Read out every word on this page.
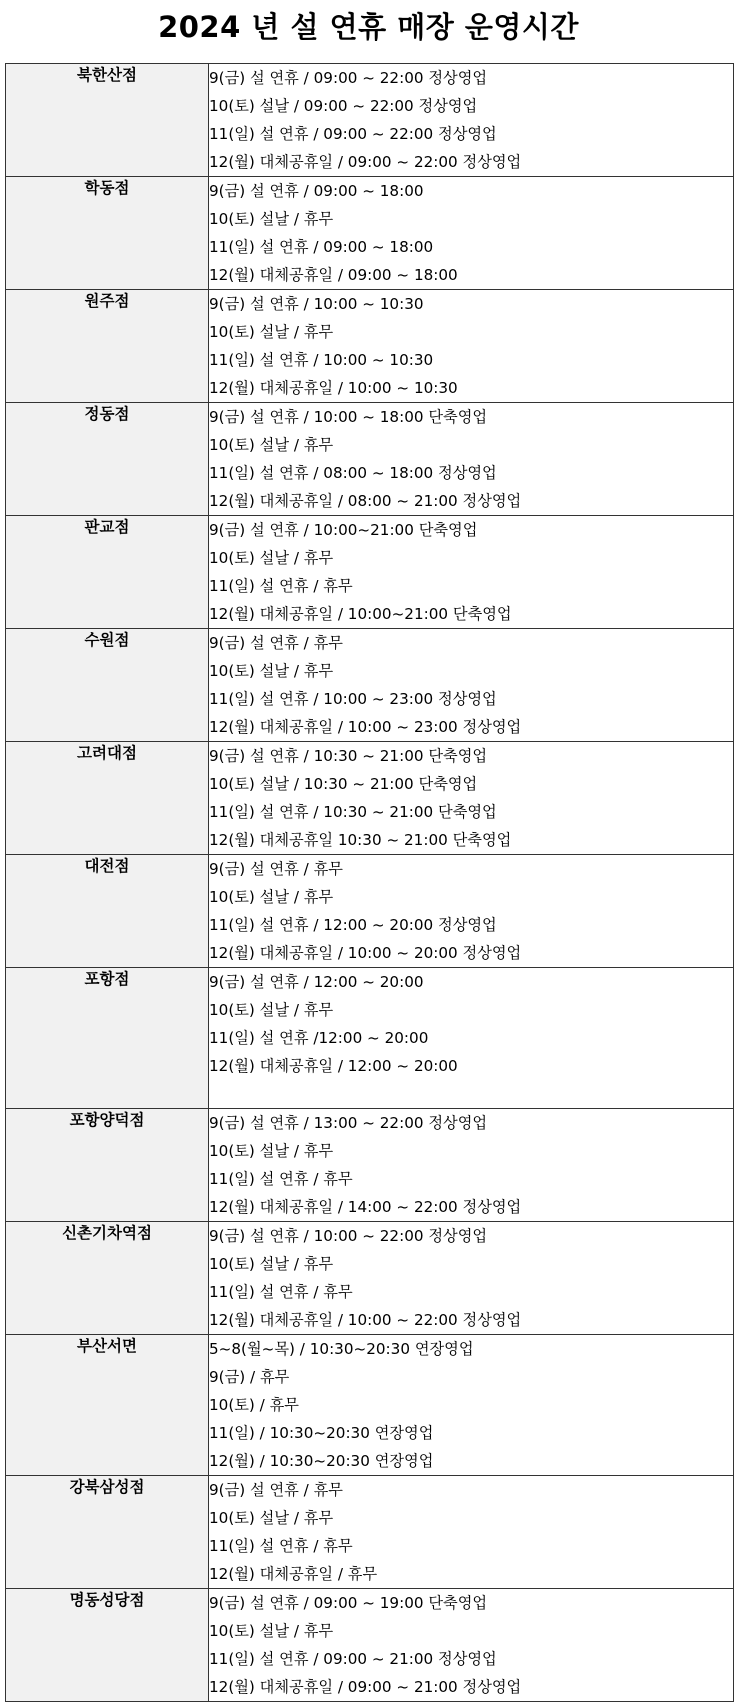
2024 년 설 연휴 매장 운영시간
북한산점	9(금) 설 연휴 / 09:00 ~ 22:00 정상영업
10(토) 설날 / 09:00 ~ 22:00 정상영업
11(일) 설 연휴 / 09:00 ~ 22:00 정상영업
12(월) 대체공휴일 / 09:00 ~ 22:00 정상영업

학동점	9(금) 설 연휴 / 09:00 ~ 18:00
10(토) 설날 / 휴무
11(일) 설 연휴 / 09:00 ~ 18:00
12(월) 대체공휴일 / 09:00 ~ 18:00

원주점	9(금) 설 연휴 / 10:00 ~ 10:30
10(토) 설날 / 휴무
11(일) 설 연휴 / 10:00 ~ 10:30
12(월) 대체공휴일 / 10:00 ~ 10:30

정동점	9(금) 설 연휴 / 10:00 ~ 18:00 단축영업
10(토) 설날 / 휴무
11(일) 설 연휴 / 08:00 ~ 18:00 정상영업
12(월) 대체공휴일 / 08:00 ~ 21:00 정상영업

판교점	9(금) 설 연휴 / 10:00~21:00 단축영업
10(토) 설날 / 휴무
11(일) 설 연휴 / 휴무
12(월) 대체공휴일 / 10:00~21:00 단축영업

수원점	9(금) 설 연휴 / 휴무
10(토) 설날 / 휴무
11(일) 설 연휴 / 10:00 ~ 23:00 정상영업
12(월) 대체공휴일 / 10:00 ~ 23:00 정상영업

고려대점	9(금) 설 연휴 / 10:30 ~ 21:00 단축영업
10(토) 설날 / 10:30 ~ 21:00 단축영업
11(일) 설 연휴 / 10:30 ~ 21:00 단축영업
12(월) 대체공휴일 10:30 ~ 21:00 단축영업

대전점	9(금) 설 연휴 / 휴무
10(토) 설날 / 휴무
11(일) 설 연휴 / 12:00 ~ 20:00 정상영업
12(월) 대체공휴일 / 10:00 ~ 20:00 정상영업

포항점	9(금) 설 연휴 / 12:00 ~ 20:00
10(토) 설날 / 휴무
11(일) 설 연휴 /12:00 ~ 20:00
12(월) 대체공휴일 / 12:00 ~ 20:00

포항양덕점	9(금) 설 연휴 / 13:00 ~ 22:00 정상영업
10(토) 설날 / 휴무
11(일) 설 연휴 / 휴무
12(월) 대체공휴일 / 14:00 ~ 22:00 정상영업

신촌기차역점	9(금) 설 연휴 / 10:00 ~ 22:00 정상영업
10(토) 설날 / 휴무
11(일) 설 연휴 / 휴무
12(월) 대체공휴일 / 10:00 ~ 22:00 정상영업

부산서면	5~8(월~목) / 10:30~20:30 연장영업
9(금) / 휴무
10(토) / 휴무
11(일) / 10:30~20:30 연장영업
12(월) / 10:30~20:30 연장영업

강북삼성점	9(금) 설 연휴 / 휴무
10(토) 설날 / 휴무
11(일) 설 연휴 / 휴무
12(월) 대체공휴일 / 휴무

명동성당점	9(금) 설 연휴 / 09:00 ~ 19:00 단축영업
10(토) 설날 / 휴무
11(일) 설 연휴 / 09:00 ~ 21:00 정상영업
12(월) 대체공휴일 / 09:00 ~ 21:00 정상영업
